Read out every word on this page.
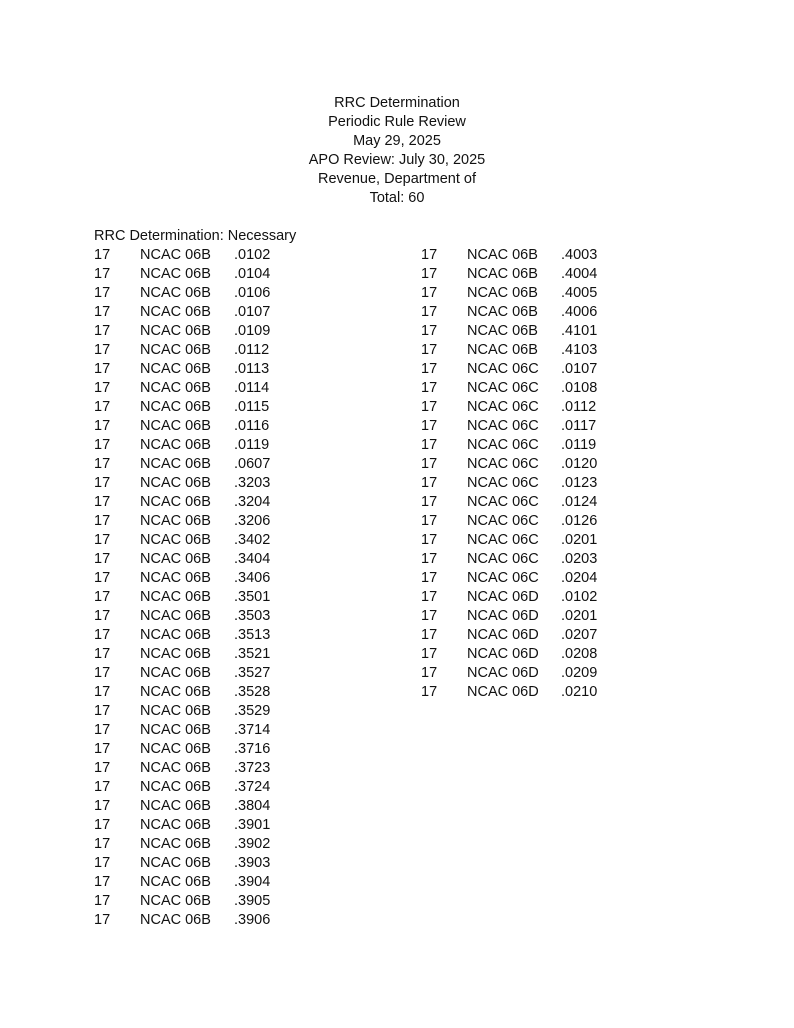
RRC Determination
Periodic Rule Review
May 29, 2025
APO Review: July 30, 2025
Revenue, Department of
Total: 60
RRC Determination: Necessary
17 NCAC 06B .0102
17 NCAC 06B .0104
17 NCAC 06B .0106
17 NCAC 06B .0107
17 NCAC 06B .0109
17 NCAC 06B .0112
17 NCAC 06B .0113
17 NCAC 06B .0114
17 NCAC 06B .0115
17 NCAC 06B .0116
17 NCAC 06B .0119
17 NCAC 06B .0607
17 NCAC 06B .3203
17 NCAC 06B .3204
17 NCAC 06B .3206
17 NCAC 06B .3402
17 NCAC 06B .3404
17 NCAC 06B .3406
17 NCAC 06B .3501
17 NCAC 06B .3503
17 NCAC 06B .3513
17 NCAC 06B .3521
17 NCAC 06B .3527
17 NCAC 06B .3528
17 NCAC 06B .3529
17 NCAC 06B .3714
17 NCAC 06B .3716
17 NCAC 06B .3723
17 NCAC 06B .3724
17 NCAC 06B .3804
17 NCAC 06B .3901
17 NCAC 06B .3902
17 NCAC 06B .3903
17 NCAC 06B .3904
17 NCAC 06B .3905
17 NCAC 06B .3906
17 NCAC 06B .4003
17 NCAC 06B .4004
17 NCAC 06B .4005
17 NCAC 06B .4006
17 NCAC 06B .4101
17 NCAC 06B .4103
17 NCAC 06C .0107
17 NCAC 06C .0108
17 NCAC 06C .0112
17 NCAC 06C .0117
17 NCAC 06C .0119
17 NCAC 06C .0120
17 NCAC 06C .0123
17 NCAC 06C .0124
17 NCAC 06C .0126
17 NCAC 06C .0201
17 NCAC 06C .0203
17 NCAC 06C .0204
17 NCAC 06D .0102
17 NCAC 06D .0201
17 NCAC 06D .0207
17 NCAC 06D .0208
17 NCAC 06D .0209
17 NCAC 06D .0210
